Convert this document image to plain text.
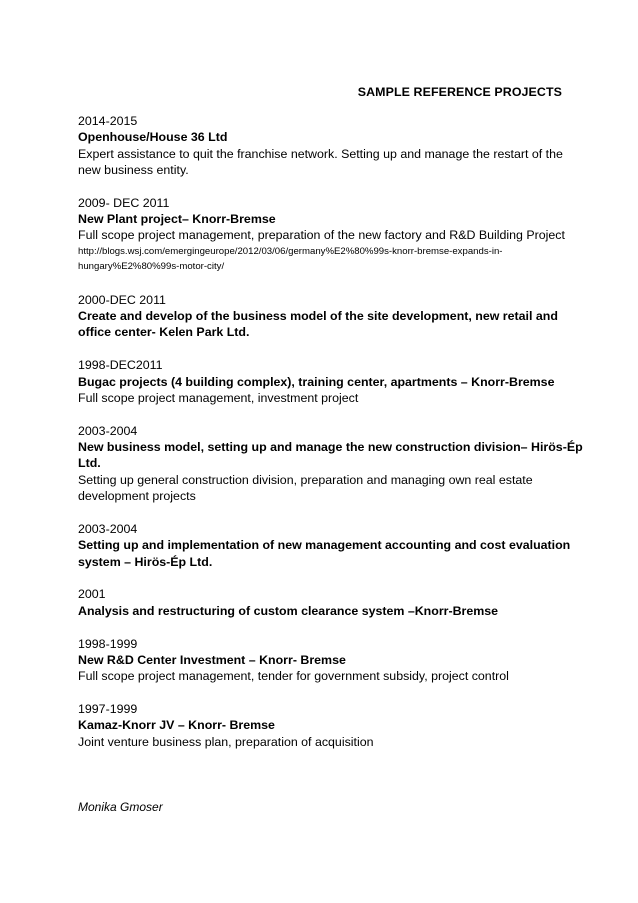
SAMPLE REFERENCE PROJECTS
2014-2015
Openhouse/House 36 Ltd
Expert assistance to quit the franchise network. Setting up and manage the restart of the
new business entity.
2009- DEC 2011
New Plant project– Knorr-Bremse
Full scope project management, preparation of the new factory and R&D Building Project
http://blogs.wsj.com/emergingeurope/2012/03/06/germany%E2%80%99s-knorr-bremse-expands-in-
hungary%E2%80%99s-motor-city/
2000-DEC 2011
Create and develop of the business model of the site development, new retail and
office center- Kelen Park Ltd.
1998-DEC2011
Bugac projects (4 building complex), training center, apartments – Knorr-Bremse
Full scope project management, investment project
2003-2004
New business model, setting up and manage the new construction division– Hirös-Ép
Ltd.
Setting up general construction division, preparation and managing own real estate
development projects
2003-2004
Setting up and implementation of new management accounting and cost evaluation
system – Hirös-Ép Ltd.
2001
Analysis and restructuring of custom clearance system –Knorr-Bremse
1998-1999
New R&D Center Investment – Knorr- Bremse
Full scope project management, tender for government subsidy, project control
1997-1999
Kamaz-Knorr JV – Knorr- Bremse
Joint venture business plan, preparation of acquisition
Monika Gmoser
